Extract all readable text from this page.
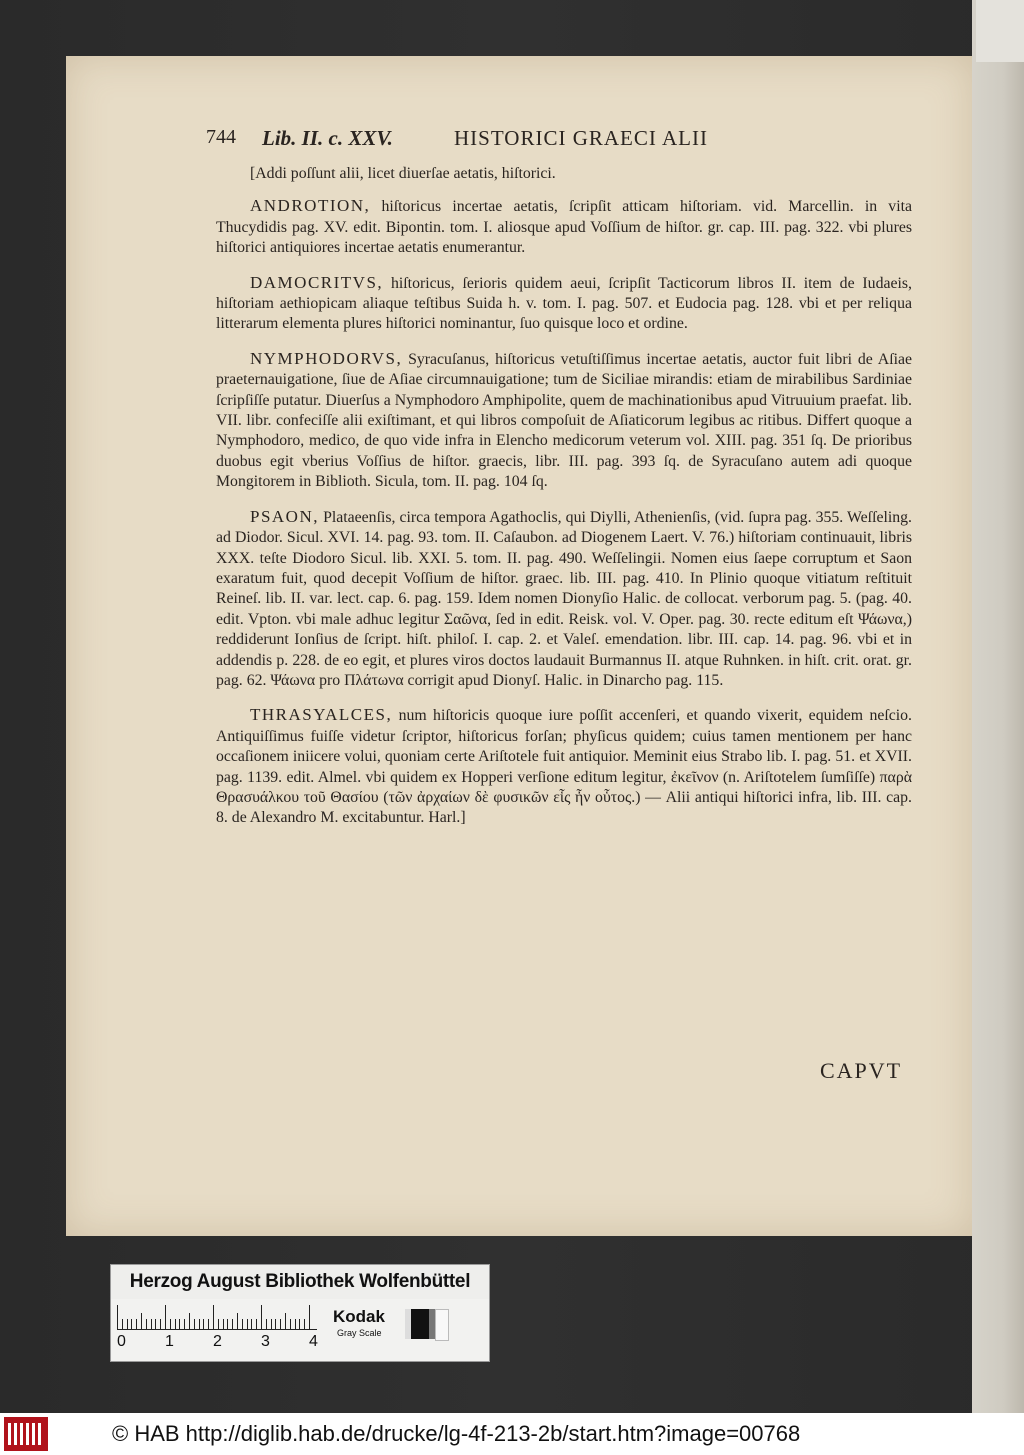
744 Lib. II. c. XXV.	HISTORICI GRAECI ALII

[Addi poſſunt alii, licet diuerſae aetatis, hiſtorici.

ANDROTION, hiſtoricus incertae aetatis, ſcripſit atticam hiſtoriam. vid. Marcellin. in vita Thucydidis pag. XV. edit. Bipontin. tom. I. aliosque apud Voſſium de hiſtor. gr. cap. III. pag. 322. vbi plures hiſtorici antiquiores incertae aetatis enumerantur.

DAMOCRITVS, hiſtoricus, ſerioris quidem aeui, ſcripſit Tacticorum libros II. item de Iudaeis, hiſtoriam aethiopicam aliaque teſtibus Suida h. v. tom. I. pag. 507. et Eudocia pag. 128. vbi et per reliqua litterarum elementa plures hiſtorici nominantur, ſuo quisque loco et ordine.

NYMPHODORVS, Syracuſanus, hiſtoricus vetuſtiſſimus incertae aetatis, auctor fuit libri de Aſiae praeternauigatione, ſiue de Aſiae circumnauigatione; tum de Siciliae mirandis: etiam de mirabilibus Sardiniae ſcripſiſſe putatur. Diuerſus a Nymphodoro Amphipolite, quem de machinationibus apud Vitruuium praefat. lib. VII. libr. confeciſſe alii exiſtimant, et qui libros compoſuit de Aſiaticorum legibus ac ritibus. Differt quoque a Nymphodoro, medico, de quo vide infra in Elencho medicorum veterum vol. XIII. pag. 351 ſq. De prioribus duobus egit vberius Voſſius de hiſtor. graecis, libr. III. pag. 393 ſq. de Syracuſano autem adi quoque Mongitorem in Biblioth. Sicula, tom. II. pag. 104 ſq.

PSAON, Plataeenſis, circa tempora Agathoclis, qui Diylli, Athenienſis, (vid. ſupra pag. 355. Weſſeling. ad Diodor. Sicul. XVI. 14. pag. 93. tom. II. Caſaubon. ad Diogenem Laert. V. 76.) hiſtoriam continuauit, libris XXX. teſte Diodoro Sicul. lib. XXI. 5. tom. II. pag. 490. Weſſelingii. Nomen eius ſaepe corruptum et Saon exaratum fuit, quod decepit Voſſium de hiſtor. graec. lib. III. pag. 410. In Plinio quoque vitiatum reſtituit Reineſ. lib. II. var. lect. cap. 6. pag. 159. Idem nomen Dionyſio Halic. de collocat. verborum pag. 5. (pag. 40. edit. Vpton. vbi male adhuc legitur Σαῶνα, ſed in edit. Reisk. vol. V. Oper. pag. 30. recte editum eſt Ψάωνα,) reddiderunt Ionſius de ſcript. hiſt. philoſ. I. cap. 2. et Valeſ. emendation. libr. III. cap. 14. pag. 96. vbi et in addendis p. 228. de eo egit, et plures viros doctos laudauit Burmannus II. atque Ruhnken. in hiſt. crit. orat. gr. pag. 62. Ψάωνα pro Πλάτωνα corrigit apud Dionyſ. Halic. in Dinarcho pag. 115.

THRASYALCES, num hiſtoricis quoque iure poſſit accenſeri, et quando vixerit, equidem neſcio. Antiquiſſimus fuiſſe videtur ſcriptor, hiſtoricus forſan; phyſicus quidem; cuius tamen mentionem per hanc occaſionem iniicere volui, quoniam certe Ariſtotele fuit antiquior. Meminit eius Strabo lib. I. pag. 51. et XVII. pag. 1139. edit. Almel. vbi quidem ex Hopperi verſione editum legitur, ἐκεῖνον (n. Ariſtotelem ſumſiſſe) παρὰ Θρασυάλκου τοῦ Θασίου (τῶν ἀρχαίων δὲ φυσικῶν εἷς ἦν οὗτος.) — Alii antiqui hiſtorici infra, lib. III. cap. 8. de Alexandro M. excitabuntur. Harl.]

CAPVT
Herzog August Bibliothek Wolfenbüttel
0 1 2 3 4
Kodak
Gray Scale
© HAB http://diglib.hab.de/drucke/lg-4f-213-2b/start.htm?image=00768
